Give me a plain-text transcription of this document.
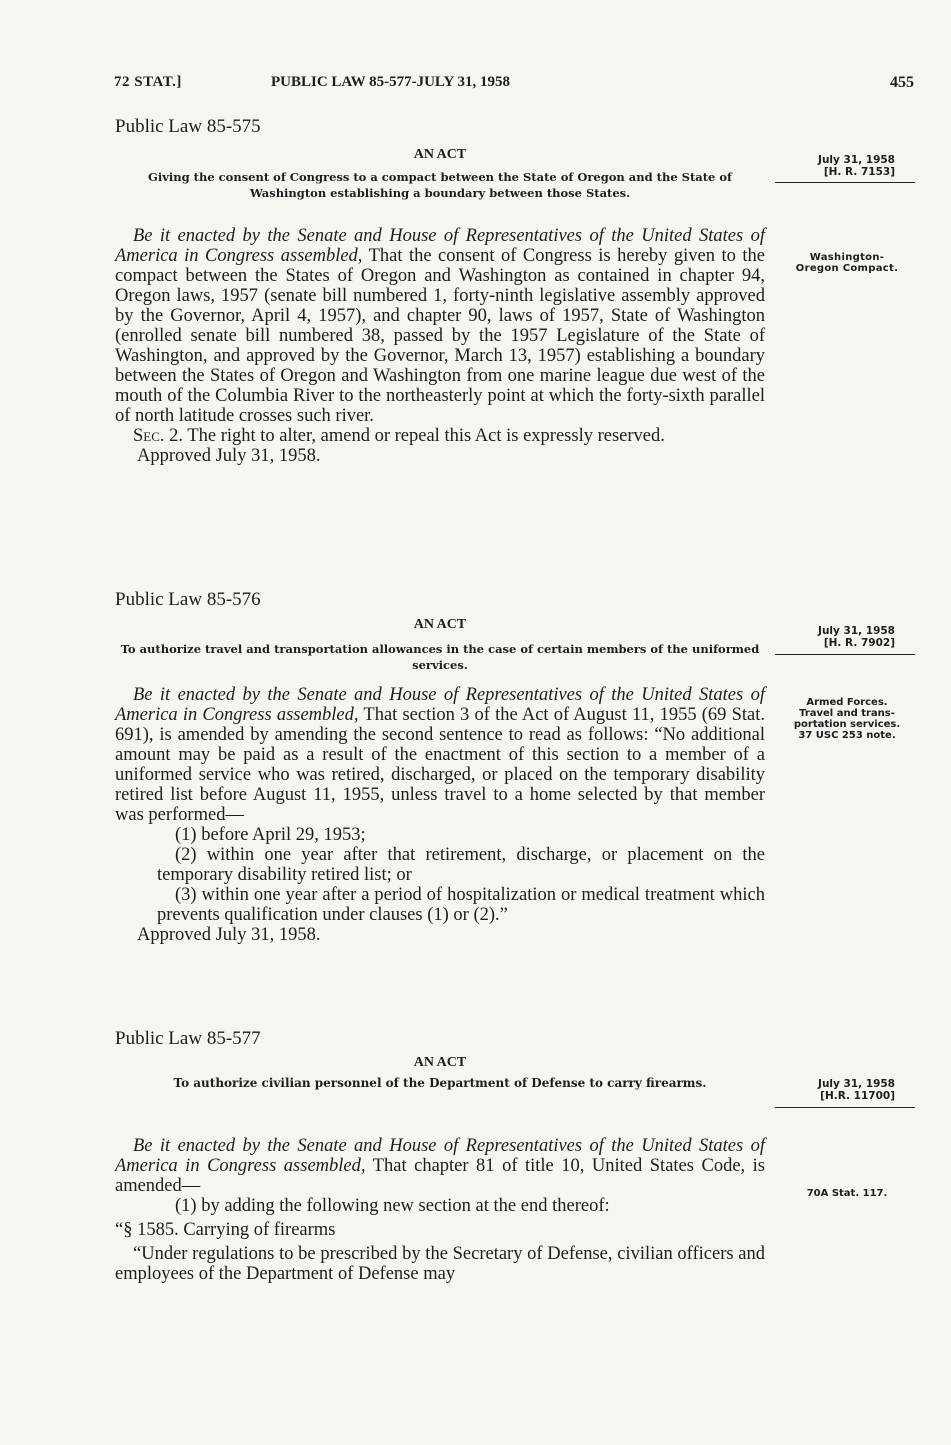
72 STAT.]	PUBLIC LAW 85-577-JULY 31, 1958	455
Public Law 85-575
AN ACT
Giving the consent of Congress to a compact between the State of Oregon and the State of Washington establishing a boundary between those States.
July 31, 1958
[H. R. 7153]
Washington-
Oregon Compact.

Be it enacted by the Senate and House of Representatives of the United States of America in Congress assembled, That the consent of Congress is hereby given to the compact between the States of Oregon and Washington as contained in chapter 94, Oregon laws, 1957 (senate bill numbered 1, forty-ninth legislative assembly approved by the Governor, April 4, 1957), and chapter 90, laws of 1957, State of Washington (enrolled senate bill numbered 38, passed by the 1957 Legislature of the State of Washington, and approved by the Governor, March 13, 1957) establishing a boundary between the States of Oregon and Washington from one marine league due west of the mouth of the Columbia River to the northeasterly point at which the forty-sixth parallel of north latitude crosses such river.

Sec. 2. The right to alter, amend or repeal this Act is expressly reserved.

Approved July 31, 1958.

Public Law 85-576
AN ACT
To authorize travel and transportation allowances in the case of certain members of the uniformed services.
July 31, 1958
[H. R. 7902]
Armed Forces.
Travel and trans-
portation services.
37 USC 253 note.

Be it enacted by the Senate and House of Representatives of the United States of America in Congress assembled, That section 3 of the Act of August 11, 1955 (69 Stat. 691), is amended by amending the second sentence to read as follows: “No additional amount may be paid as a result of the enactment of this section to a member of a uniformed service who was retired, discharged, or placed on the temporary disability retired list before August 11, 1955, unless travel to a home selected by that member was performed—

(1) before April 29, 1953;

(2) within one year after that retirement, discharge, or placement on the temporary disability retired list; or

(3) within one year after a period of hospitalization or medical treatment which prevents qualification under clauses (1) or (2).”

Approved July 31, 1958.

Public Law 85-577
AN ACT
To authorize civilian personnel of the Department of Defense to carry firearms.	July 31, 1958
[H.R. 11700]
70A Stat. 117.

Be it enacted by the Senate and House of Representatives of the United States of America in Congress assembled, That chapter 81 of title 10, United States Code, is amended—

(1) by adding the following new section at the end thereof:

“§ 1585. Carrying of firearms

“Under regulations to be prescribed by the Secretary of Defense, civilian officers and employees of the Department of Defense may
